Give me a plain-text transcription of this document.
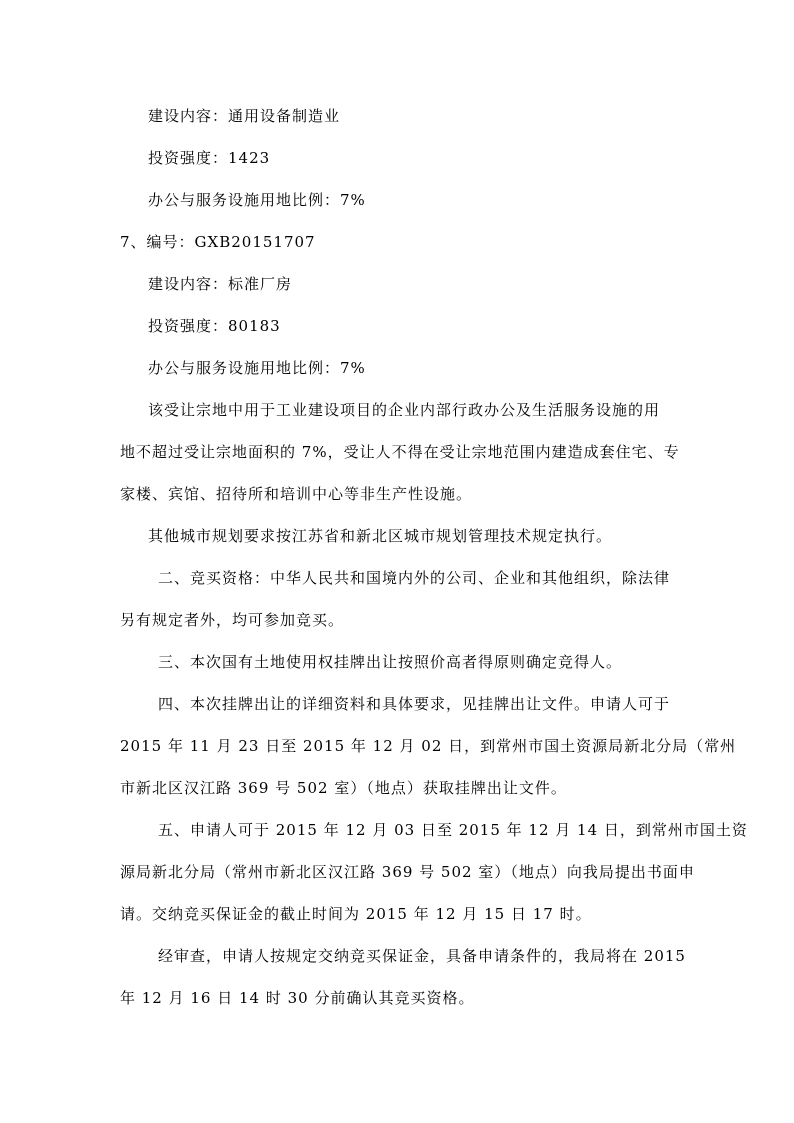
建设内容：通用设备制造业
投资强度：1423
办公与服务设施用地比例：7%
7、编号：GXB20151707
建设内容：标准厂房
投资强度：80183
办公与服务设施用地比例：7%
该受让宗地中用于工业建设项目的企业内部行政办公及生活服务设施的用
地不超过受让宗地面积的 7%，受让人不得在受让宗地范围内建造成套住宅、专
家楼、宾馆、招待所和培训中心等非生产性设施。
其他城市规划要求按江苏省和新北区城市规划管理技术规定执行。
二、竞买资格：中华人民共和国境内外的公司、企业和其他组织，除法律
另有规定者外，均可参加竞买。
三、本次国有土地使用权挂牌出让按照价高者得原则确定竞得人。
四、本次挂牌出让的详细资料和具体要求，见挂牌出让文件。申请人可于
2015 年 11 月 23 日至 2015 年 12 月 02 日，到常州市国土资源局新北分局（常州
市新北区汉江路 369 号 502 室）（地点）获取挂牌出让文件。
五、申请人可于 2015 年 12 月 03 日至 2015 年 12 月 14 日，到常州市国土资
源局新北分局（常州市新北区汉江路 369 号 502 室）（地点）向我局提出书面申
请。交纳竞买保证金的截止时间为 2015 年 12 月 15 日 17 时。
经审查，申请人按规定交纳竞买保证金，具备申请条件的，我局将在 2015
年 12 月 16 日 14 时 30 分前确认其竞买资格。
